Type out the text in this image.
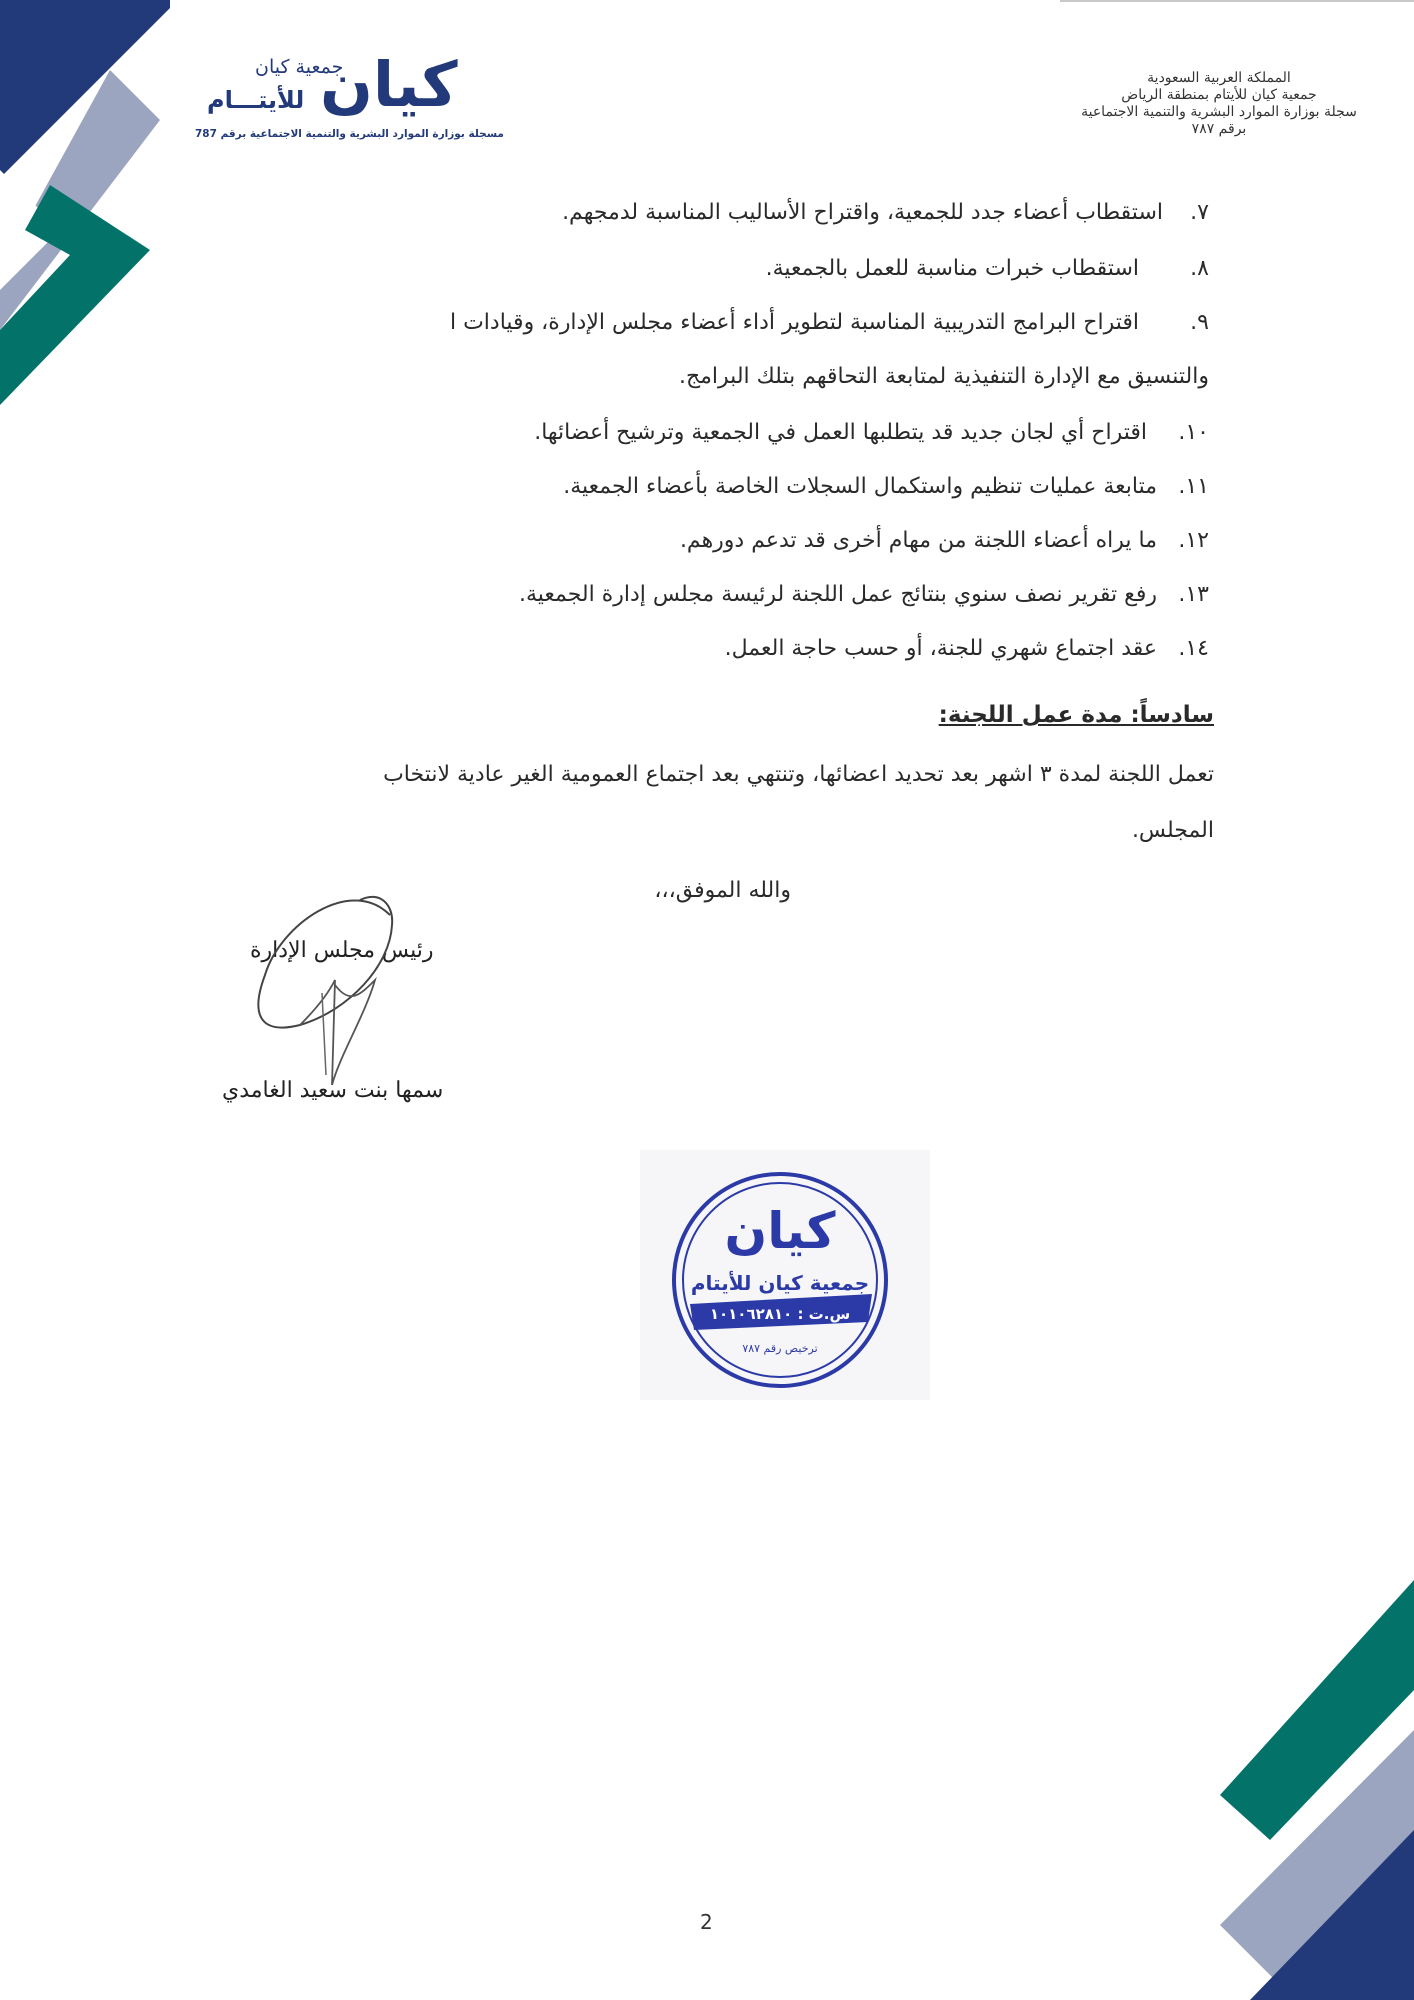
كيان
جمعية كيان
للأيتـــام
مسجلة بوزارة الموارد البشرية والتنمية الاجتماعية برقم 787
المملكة العربية السعودية
جمعية كيان للأيتام بمنطقة الرياض
سجلة بوزارة الموارد البشرية والتنمية الاجتماعية
برقم ٧٨٧
٧.استقطاب أعضاء جدد للجمعية، واقتراح الأساليب المناسبة لدمجهم.
٨.استقطاب خبرات مناسبة للعمل بالجمعية.
٩.اقتراح البرامج التدريبية المناسبة لتطوير أداء أعضاء مجلس الإدارة، وقيادات ا
والتنسيق مع الإدارة التنفيذية لمتابعة التحاقهم بتلك البرامج.
١٠.اقتراح أي لجان جديد قد يتطلبها العمل في الجمعية وترشيح أعضائها.
١١.متابعة عمليات تنظيم واستكمال السجلات الخاصة بأعضاء الجمعية.
١٢.ما يراه أعضاء اللجنة من مهام أخرى قد تدعم دورهم.
١٣.رفع تقرير نصف سنوي بنتائج عمل اللجنة لرئيسة مجلس إدارة الجمعية.
١٤.عقد اجتماع شهري للجنة، أو حسب حاجة العمل.
سادساً: مدة عمل اللجنة:
تعمل اللجنة لمدة ٣ اشهر بعد تحديد اعضائها، وتنتهي بعد اجتماع العمومية الغير عادية لانتخاب
المجلس.
والله الموفق،،،
رئيس مجلس الإدارة
سمها بنت سعيد الغامدي
كيان
جمعية كيان للأيتام
س.ت : ١٠١٠٦٢٨١٠
ترخيص رقم ٧٨٧
2
